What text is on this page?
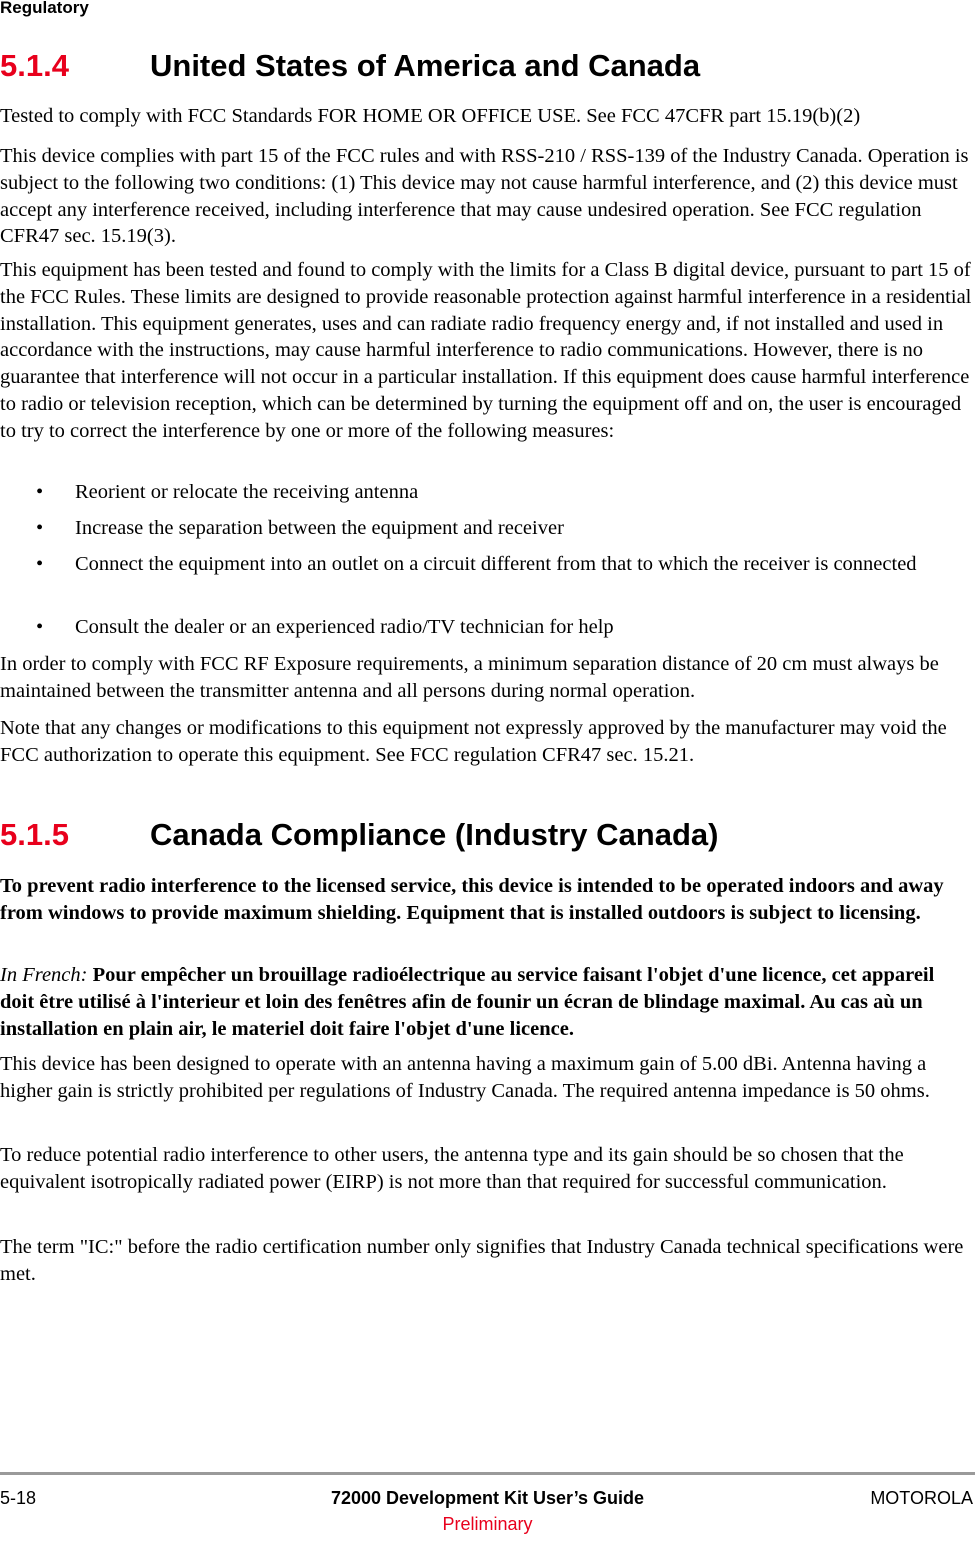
Regulatory
5.1.4	United States of America and Canada

Tested to comply with FCC Standards FOR HOME OR OFFICE USE. See FCC 47CFR part 15.19(b)(2)

This device complies with part 15 of the FCC rules and with RSS-210 / RSS-139 of the Industry Canada. Operation is subject to the following two conditions: (1) This device may not cause harmful interference, and (2) this device must accept any interference received, including interference that may cause undesired operation. See FCC regulation CFR47 sec. 15.19(3).

This equipment has been tested and found to comply with the limits for a Class B digital device, pursuant to part 15 of the FCC Rules. These limits are designed to provide reasonable protection against harmful interference in a residential installation. This equipment generates, uses and can radiate radio frequency energy and, if not installed and used in accordance with the instructions, may cause harmful interference to radio communications. However, there is no guarantee that interference will not occur in a particular installation. If this equipment does cause harmful interference to radio or television reception, which can be determined by turning the equipment off and on, the user is encouraged to try to correct the interference by one or more of the following measures:

• Reorient or relocate the receiving antenna
• Increase the separation between the equipment and receiver
• Connect the equipment into an outlet on a circuit different from that to which the receiver is connected
• Consult the dealer or an experienced radio/TV technician for help

In order to comply with FCC RF Exposure requirements, a minimum separation distance of 20 cm must always be maintained between the transmitter antenna and all persons during normal operation.

Note that any changes or modifications to this equipment not expressly approved by the manufacturer may void the FCC authorization to operate this equipment. See FCC regulation CFR47 sec. 15.21.

5.1.5	Canada Compliance (Industry Canada)

To prevent radio interference to the licensed service, this device is intended to be operated indoors and away from windows to provide maximum shielding. Equipment that is installed outdoors is subject to licensing.

In French: Pour empêcher un brouillage radioélectrique au service faisant l'objet d'une licence, cet appareil doit être utilisé à l'interieur et loin des fenêtres afin de founir un écran de blindage maximal. Au cas aù un installation en plain air, le materiel doit faire l'objet d'une licence.

This device has been designed to operate with an antenna having a maximum gain of 5.00 dBi. Antenna having a higher gain is strictly prohibited per regulations of Industry Canada. The required antenna impedance is 50 ohms.

To reduce potential radio interference to other users, the antenna type and its gain should be so chosen that the equivalent isotropically radiated power (EIRP) is not more than that required for successful communication.

The term "IC:" before the radio certification number only signifies that Industry Canada technical specifications were met.

5-18	72000 Development Kit User’s Guide	MOTOROLA
Preliminary
